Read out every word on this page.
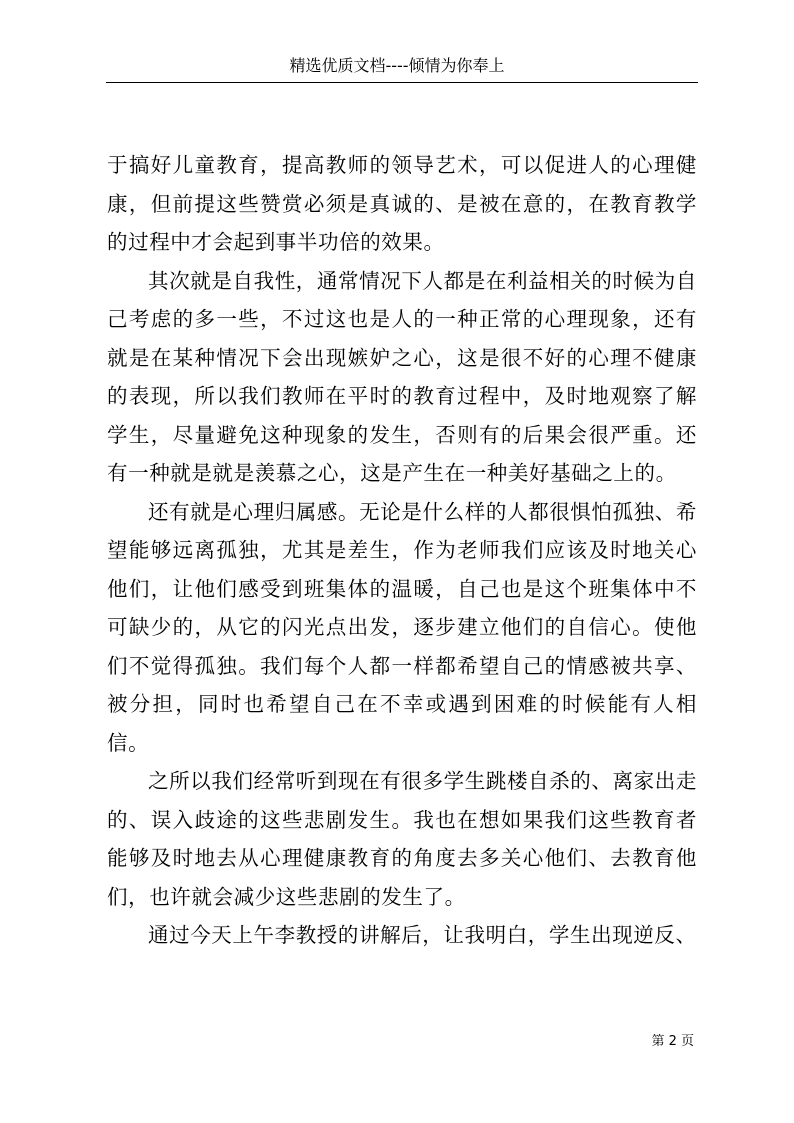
精选优质文档----倾情为你奉上

于搞好儿童教育，提高教师的领导艺术，可以促进人的心理健康，但前提这些赞赏必须是真诚的、是被在意的，在教育教学的过程中才会起到事半功倍的效果。

其次就是自我性，通常情况下人都是在利益相关的时候为自己考虑的多一些，不过这也是人的一种正常的心理现象，还有就是在某种情况下会出现嫉妒之心，这是很不好的心理不健康的表现，所以我们教师在平时的教育过程中，及时地观察了解学生，尽量避免这种现象的发生，否则有的后果会很严重。还有一种就是就是羡慕之心，这是产生在一种美好基础之上的。

还有就是心理归属感。无论是什么样的人都很惧怕孤独、希望能够远离孤独，尤其是差生，作为老师我们应该及时地关心他们，让他们感受到班集体的温暖，自己也是这个班集体中不可缺少的，从它的闪光点出发，逐步建立他们的自信心。使他们不觉得孤独。我们每个人都一样都希望自己的情感被共享、被分担，同时也希望自己在不幸或遇到困难的时候能有人相信。

之所以我们经常听到现在有很多学生跳楼自杀的、离家出走的、误入歧途的这些悲剧发生。我也在想如果我们这些教育者能够及时地去从心理健康教育的角度去多关心他们、去教育他们，也许就会减少这些悲剧的发生了。

通过今天上午李教授的讲解后，让我明白，学生出现逆反、

第 2 页
